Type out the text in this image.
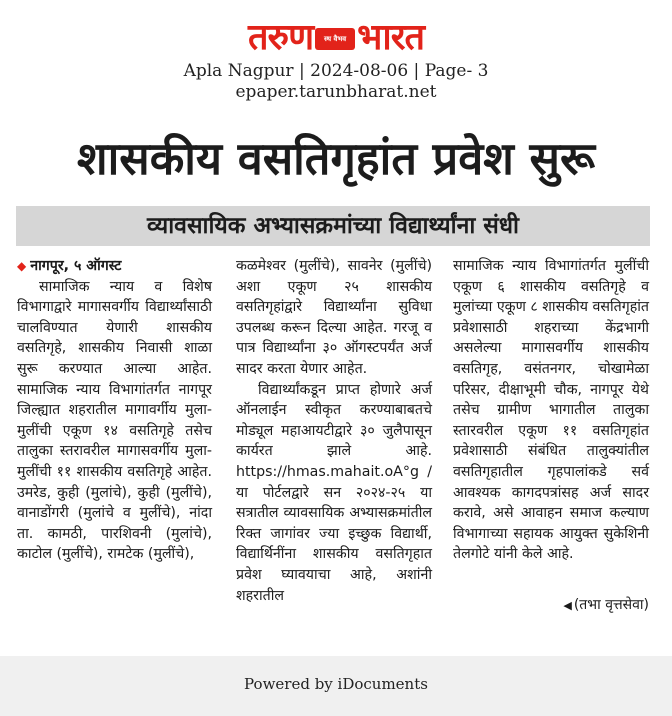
तरुण स्थ वैभव भारत
Apla Nagpur | 2024-08-06 | Page- 3
epaper.tarunbharat.net
शासकीय वसतिगृहांत प्रवेश सुरू
व्यावसायिक अभ्यासक्रमांच्या विद्यार्थ्यांना संधी
◆ नागपूर, ५ ऑगस्ट
सामाजिक न्याय व विशेष विभागाद्वारे मागासवर्गीय विद्यार्थ्यांसाठी चालविण्यात येणारी शासकीय वसतिगृहे, शासकीय निवासी शाळा सुरू करण्यात आल्या आहेत. सामाजिक न्याय विभागांतर्गत नागपूर जिल्ह्यात शहरातील मागावर्गीय मुला-मुलींची एकूण १४ वसतिगृहे तसेच तालुका स्तरावरील मागासवर्गीय मुला-मुलींची ११ शासकीय वसतिगृहे आहेत. उमरेड, कुही (मुलांचे), कुही (मुलींचे), वानाडोंगरी (मुलांचे व मुलींचे), नांदा ता. कामठी, पारशिवनी (मुलांचे), काटोल (मुलींचे), रामटेक (मुलींचे),
कळमेश्वर (मुलींचे), सावनेर (मुलींचे) अशा एकूण २५ शासकीय वसतिगृहांद्वारे विद्यार्थ्यांना सुविधा उपलब्ध करून दिल्या आहेत. गरजू व पात्र विद्यार्थ्यांना ३० ऑगस्टपर्यंत अर्ज सादर करता येणार आहेत.
विद्यार्थ्यांकडून प्राप्त होणारे अर्ज ऑनलाईन स्वीकृत करण्याबाबतचे मोड्यूल महाआयटीद्वारे ३० जुलैपासून कार्यरत झाले आहे. https://hmas.mahait.oA°g / या पोर्टलद्वारे सन २०२४-२५ या सत्रातील व्यावसायिक अभ्यासक्रमांतील रिक्त जागांवर ज्या इच्छुक विद्यार्थी, विद्यार्थिनींना शासकीय वसतिगृहात प्रवेश घ्यावयाचा आहे, अशांनी शहरातील
सामाजिक न्याय विभागांतर्गत मुलींची एकूण ६ शासकीय वसतिगृहे व मुलांच्या एकूण ८ शासकीय वसतिगृहांत प्रवेशासाठी शहराच्या केंद्रभागी असलेल्या मागासवर्गीय शासकीय वसतिगृह, वसंतनगर, चोखामेळा परिसर, दीक्षाभूमी चौक, नागपूर येथे तसेच ग्रामीण भागातील तालुका स्तारवरील एकूण ११ वसतिगृहांत प्रवेशासाठी संबंधित तालुक्यांतील वसतिगृहातील गृहपालांकडे सर्व आवश्यक कागदपत्रांसह अर्ज सादर करावे, असे आवाहन समाज कल्याण विभागाच्या सहायक आयुक्त सुकेशिनी तेलगोटे यांनी केले आहे.
◀ (तभा वृत्तसेवा)
Powered by iDocuments
